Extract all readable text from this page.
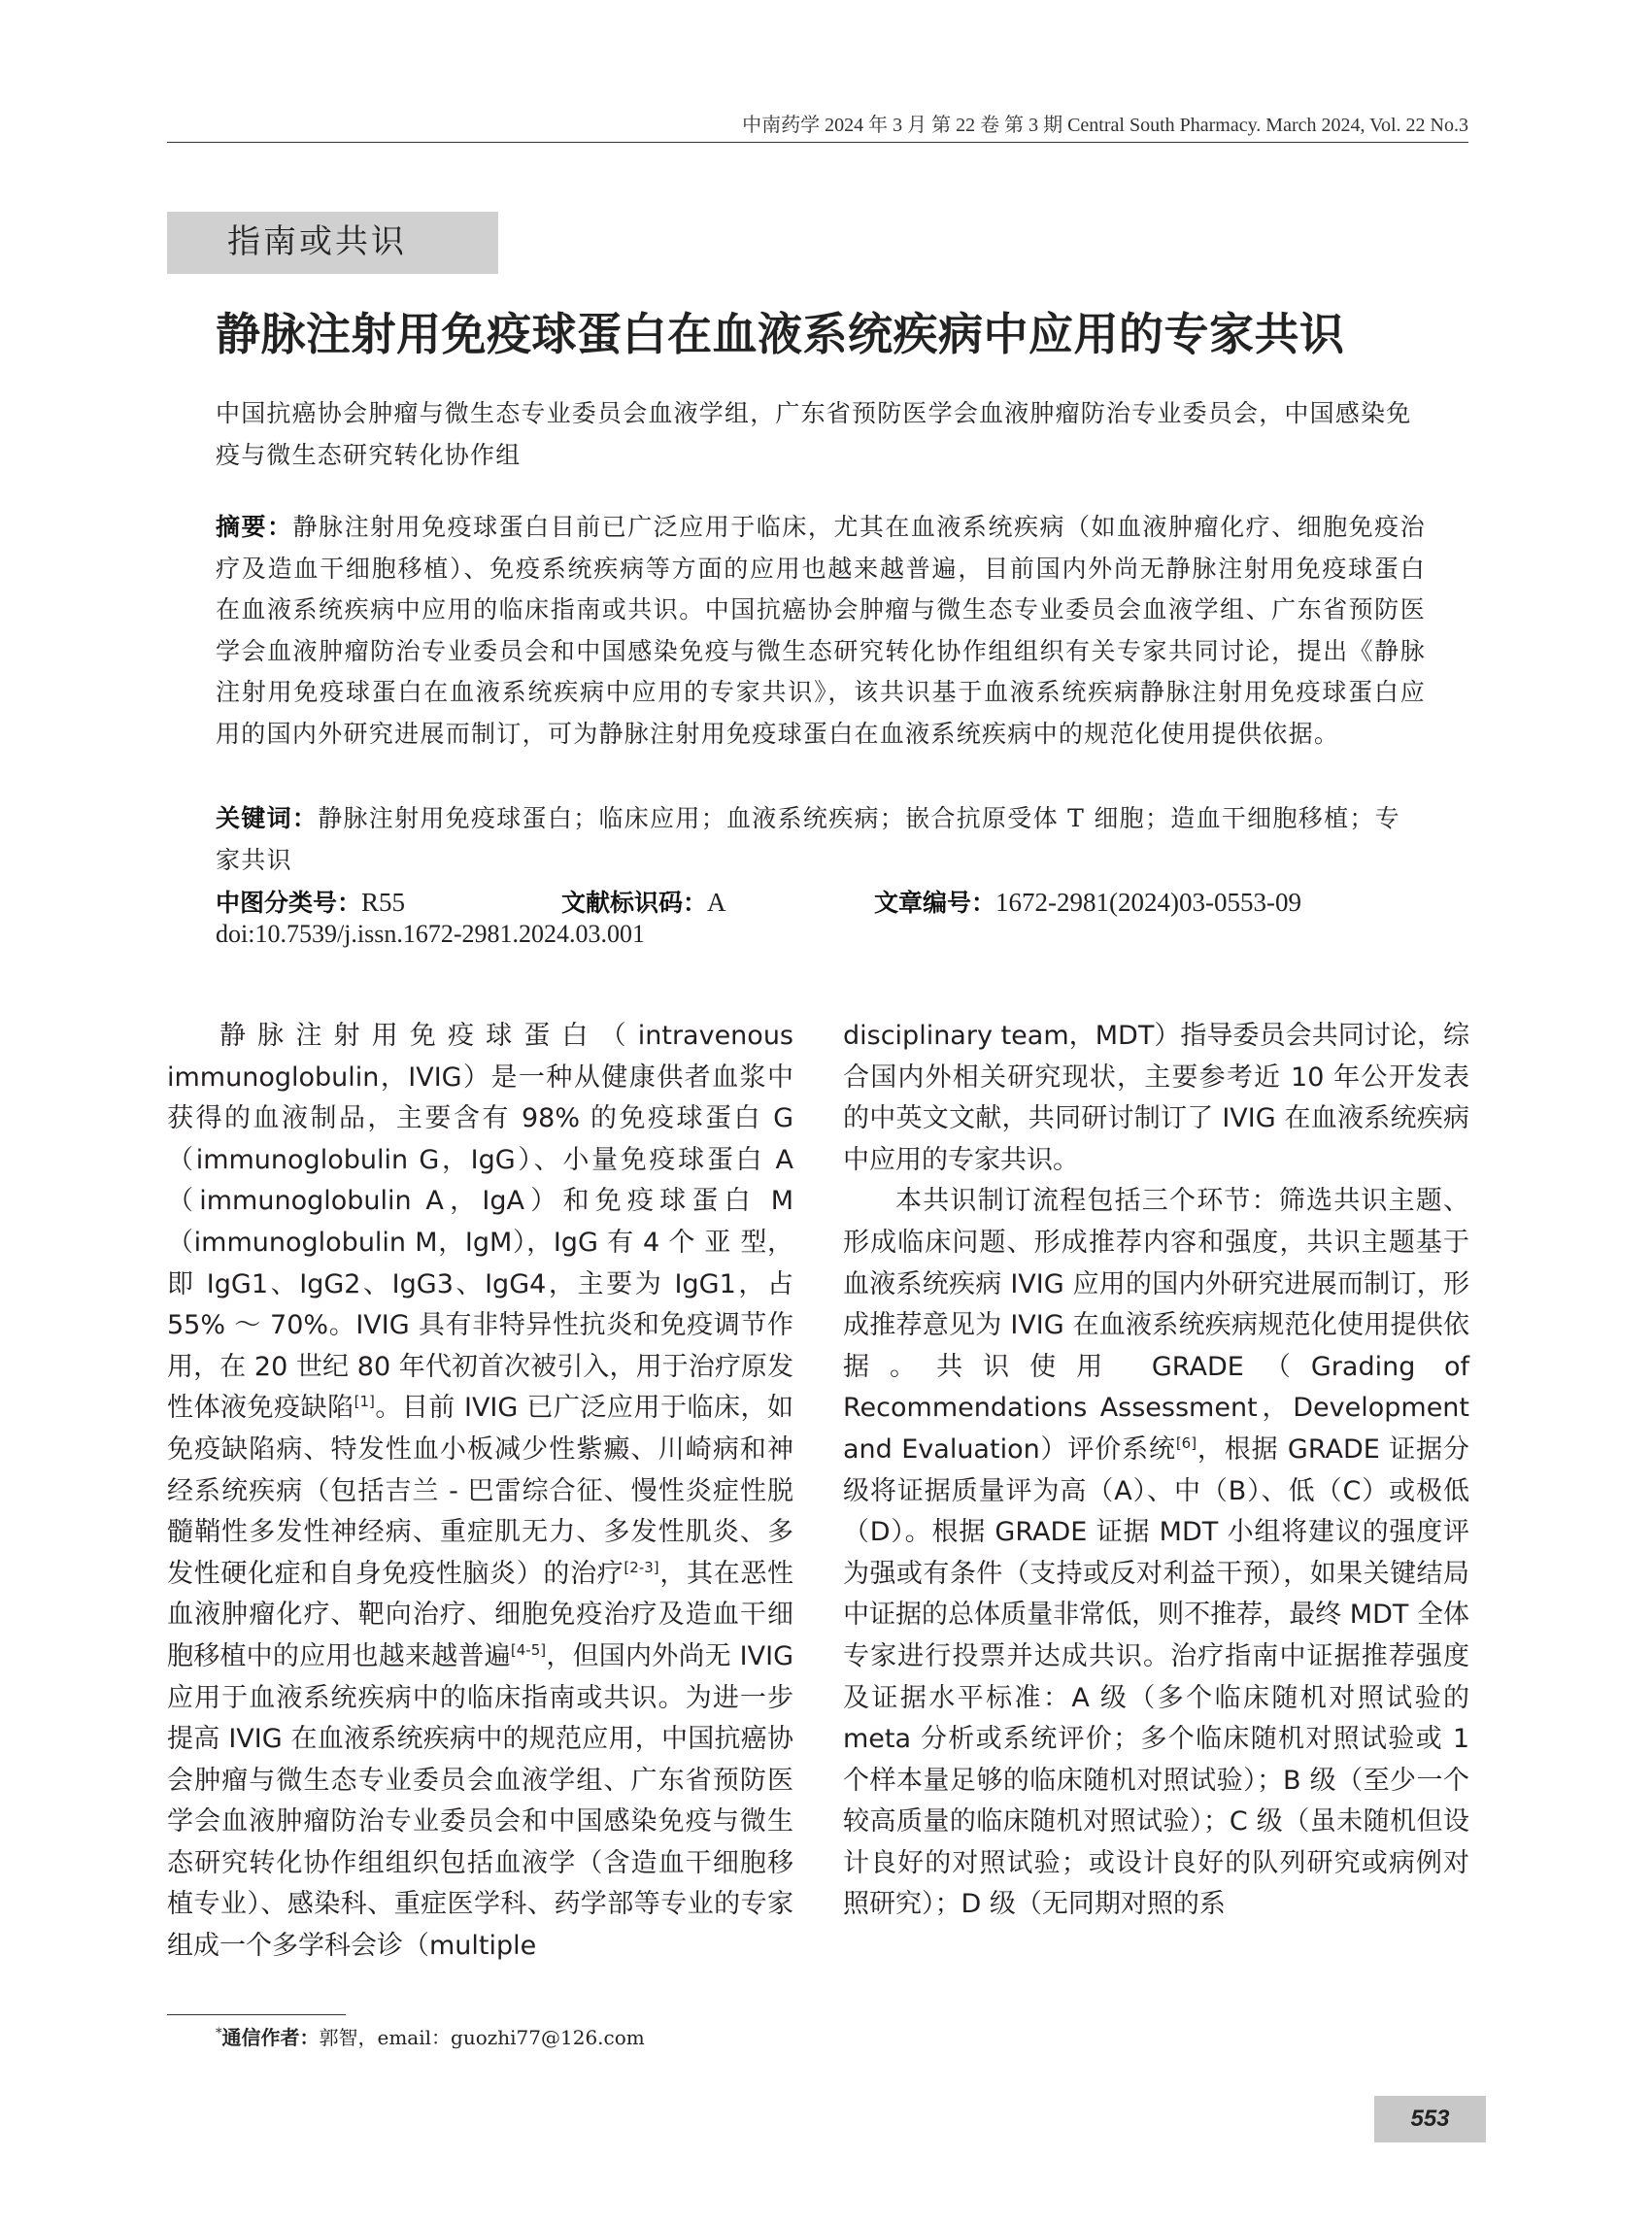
中南药学 2024 年 3 月 第 22 卷 第 3 期 Central South Pharmacy. March 2024, Vol. 22 No.3
指南或共识
静脉注射用免疫球蛋白在血液系统疾病中应用的专家共识
中国抗癌协会肿瘤与微生态专业委员会血液学组，广东省预防医学会血液肿瘤防治专业委员会，中国感染免疫与微生态研究转化协作组
摘要：静脉注射用免疫球蛋白目前已广泛应用于临床，尤其在血液系统疾病（如血液肿瘤化疗、细胞免疫治疗及造血干细胞移植）、免疫系统疾病等方面的应用也越来越普遍，目前国内外尚无静脉注射用免疫球蛋白在血液系统疾病中应用的临床指南或共识。中国抗癌协会肿瘤与微生态专业委员会血液学组、广东省预防医学会血液肿瘤防治专业委员会和中国感染免疫与微生态研究转化协作组组织有关专家共同讨论，提出《静脉注射用免疫球蛋白在血液系统疾病中应用的专家共识》，该共识基于血液系统疾病静脉注射用免疫球蛋白应用的国内外研究进展而制订，可为静脉注射用免疫球蛋白在血液系统疾病中的规范化使用提供依据。
关键词：静脉注射用免疫球蛋白；临床应用；血液系统疾病；嵌合抗原受体 T 细胞；造血干细胞移植；专家共识
中图分类号：R55	文献标识码：A	文章编号：1672-2981(2024)03-0553-09
doi:10.7539/j.issn.1672-2981.2024.03.001

静脉注射用免疫球蛋白（intravenous immunoglobulin，IVIG）是一种从健康供者血浆中获得的血液制品，主要含有 98% 的免疫球蛋白 G（immunoglobulin G，IgG）、小量免疫球蛋白 A（immunoglobulin A，IgA）和免疫球蛋白 M（immunoglobulin M，IgM），IgG 有 4 个 亚 型， 即 IgG1、IgG2、IgG3、IgG4，主要为 IgG1，占 55% ～ 70%。IVIG 具有非特异性抗炎和免疫调节作用，在 20 世纪 80 年代初首次被引入，用于治疗原发性体液免疫缺陷[1]。目前 IVIG 已广泛应用于临床，如免疫缺陷病、特发性血小板减少性紫癜、川崎病和神经系统疾病（包括吉兰 - 巴雷综合征、慢性炎症性脱髓鞘性多发性神经病、重症肌无力、多发性肌炎、多发性硬化症和自身免疫性脑炎）的治疗[2-3]，其在恶性血液肿瘤化疗、靶向治疗、细胞免疫治疗及造血干细胞移植中的应用也越来越普遍[4-5]，但国内外尚无 IVIG 应用于血液系统疾病中的临床指南或共识。为进一步提高 IVIG 在血液系统疾病中的规范应用，中国抗癌协会肿瘤与微生态专业委员会血液学组、广东省预防医学会血液肿瘤防治专业委员会和中国感染免疫与微生态研究转化协作组组织包括血液学（含造血干细胞移植专业）、感染科、重症医学科、药学部等专业的专家组成一个多学科会诊（multiple

disciplinary team，MDT）指导委员会共同讨论，综合国内外相关研究现状，主要参考近 10 年公开发表的中英文文献，共同研讨制订了 IVIG 在血液系统疾病中应用的专家共识。

本共识制订流程包括三个环节：筛选共识主题、形成临床问题、形成推荐内容和强度，共识主题基于血液系统疾病 IVIG 应用的国内外研究进展而制订，形成推荐意见为 IVIG 在血液系统疾病规范化使用提供依据。共识使用 GRADE（Grading of Recommendations Assessment，Development and Evaluation）评价系统[6]，根据 GRADE 证据分级将证据质量评为高（A）、中（B）、低（C）或极低（D）。根据 GRADE 证据 MDT 小组将建议的强度评为强或有条件（支持或反对利益干预），如果关键结局中证据的总体质量非常低，则不推荐，最终 MDT 全体专家进行投票并达成共识。治疗指南中证据推荐强度及证据水平标准：A 级（多个临床随机对照试验的 meta 分析或系统评价；多个临床随机对照试验或 1 个样本量足够的临床随机对照试验）；B 级（至少一个较高质量的临床随机对照试验）；C 级（虽未随机但设计良好的对照试验；或设计良好的队列研究或病例对照研究）；D 级（无同期对照的系

*通信作者：郭智，email：guozhi77@126.com
553
